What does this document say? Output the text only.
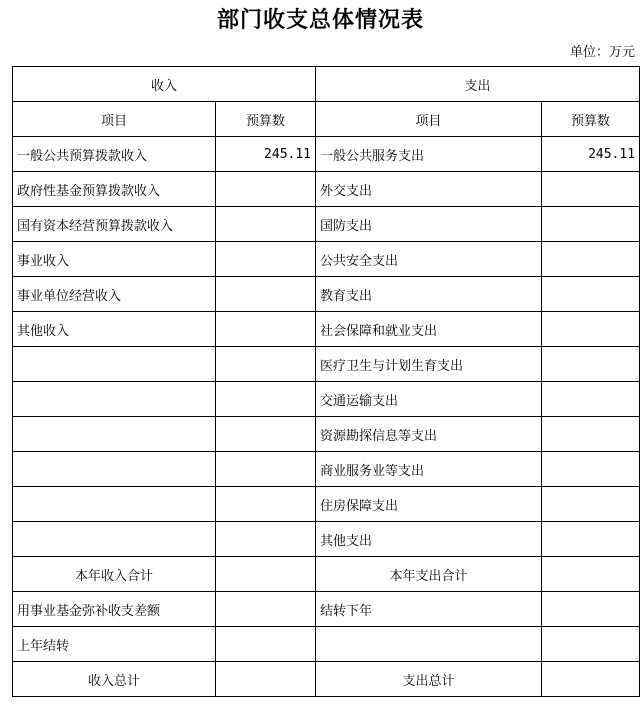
部门收支总体情况表
单位：万元
收入		支出	
项目	预算数	项目	预算数
一般公共预算拨款收入	245.11	一般公共服务支出	245.11
政府性基金预算拨款收入		外交支出	
国有资本经营预算拨款收入		国防支出	
事业收入		公共安全支出	
事业单位经营收入		教育支出	
其他收入		社会保障和就业支出	
		医疗卫生与计划生育支出	
		交通运输支出	
		资源勘探信息等支出	
		商业服务业等支出	
		住房保障支出	
		其他支出	
本年收入合计		本年支出合计	
用事业基金弥补收支差额		结转下年	
上年结转			
收入总计		支出总计	
